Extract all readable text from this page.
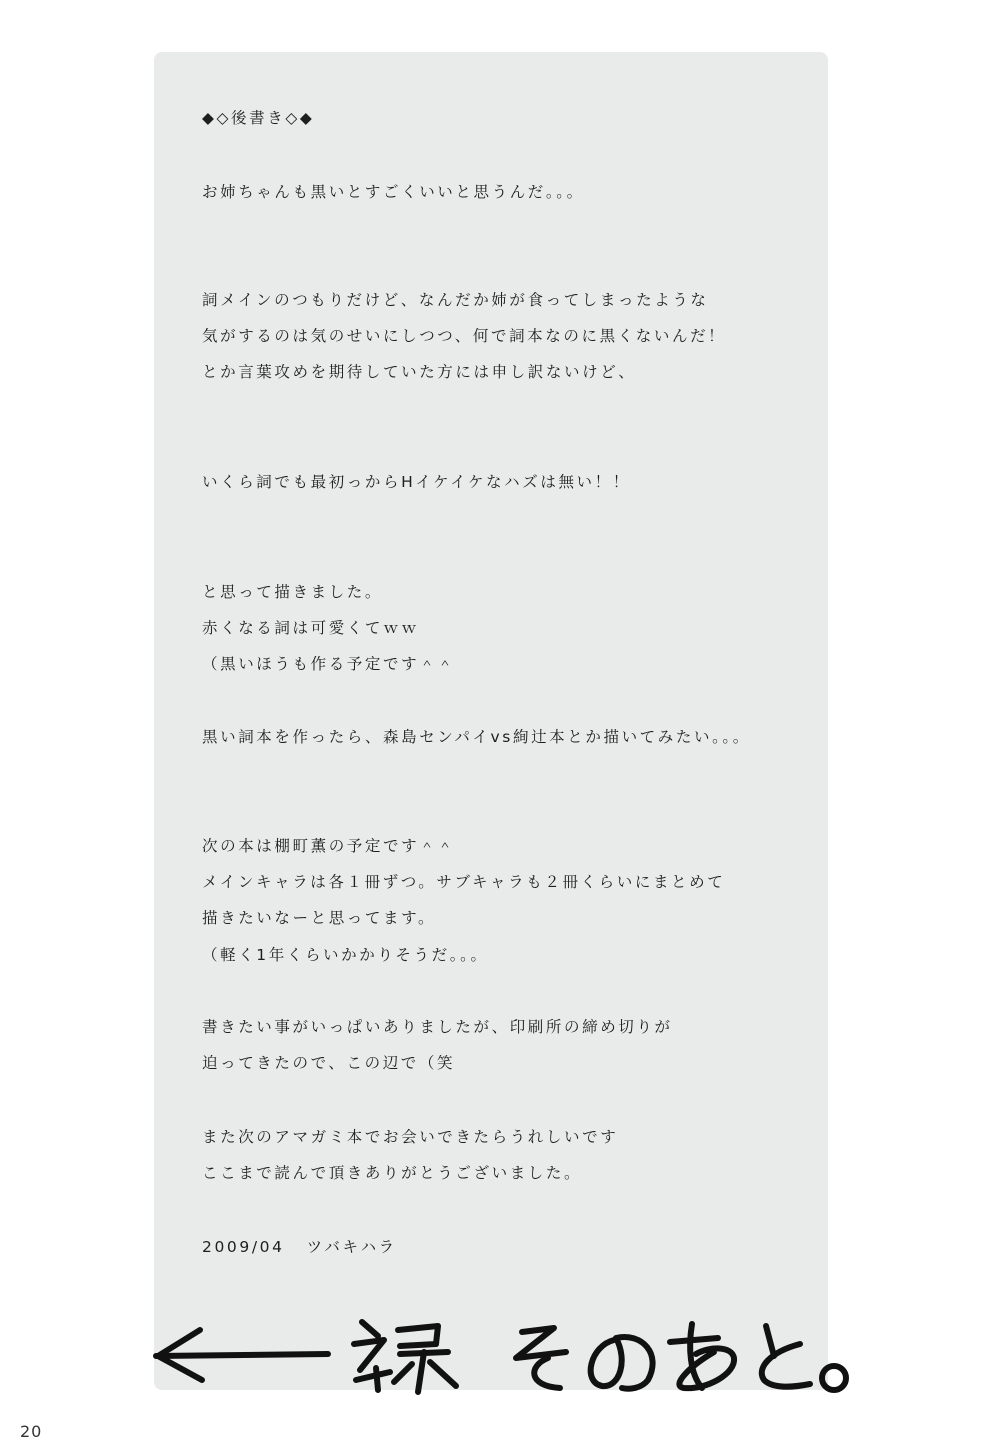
◆◇後書き◇◆
お姉ちゃんも黒いとすごくいいと思うんだ。。。
詞メインのつもりだけど、なんだか姉が食ってしまったような
気がするのは気のせいにしつつ、何で詞本なのに黒くないんだ！
とか言葉攻めを期待していた方には申し訳ないけど、
いくら詞でも最初っからHイケイケなハズは無い！！
と思って描きました。
赤くなる詞は可愛くてｗｗ
（黒いほうも作る予定です＾＾
黒い詞本を作ったら、森島センパイvs絢辻本とか描いてみたい。。。
次の本は棚町薫の予定です＾＾
メインキャラは各１冊ずつ。サブキャラも２冊くらいにまとめて
描きたいなーと思ってます。
（軽く1年くらいかかりそうだ。。。
書きたい事がいっぱいありましたが、印刷所の締め切りが
迫ってきたので、この辺で（笑
また次のアマガミ本でお会いできたらうれしいです
ここまで読んで頂きありがとうございました。
2009/04 ツバキハラ
20
